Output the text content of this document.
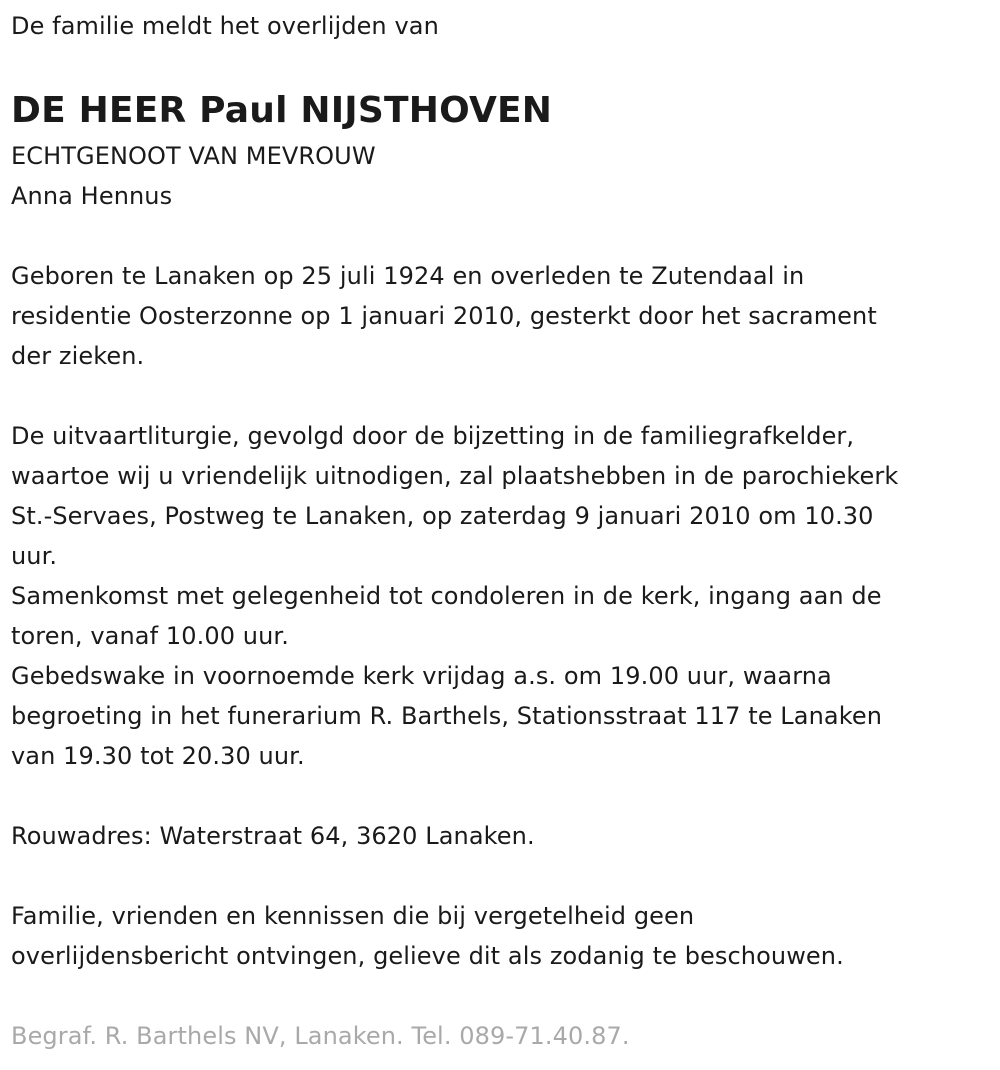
De familie meldt het overlijden van
DE HEER Paul NIJSTHOVEN
ECHTGENOOT VAN MEVROUW
Anna Hennus
Geboren te Lanaken op 25 juli 1924 en overleden te Zutendaal in
residentie Oosterzonne op 1 januari 2010, gesterkt door het sacrament
der zieken.
De uitvaartliturgie, gevolgd door de bijzetting in de familiegrafkelder,
waartoe wij u vriendelijk uitnodigen, zal plaatshebben in de parochiekerk
St.-Servaes, Postweg te Lanaken, op zaterdag 9 januari 2010 om 10.30
uur.
Samenkomst met gelegenheid tot condoleren in de kerk, ingang aan de
toren, vanaf 10.00 uur.
Gebedswake in voornoemde kerk vrijdag a.s. om 19.00 uur, waarna
begroeting in het funerarium R. Barthels, Stationsstraat 117 te Lanaken
van 19.30 tot 20.30 uur.
Rouwadres: Waterstraat 64, 3620 Lanaken.
Familie, vrienden en kennissen die bij vergetelheid geen
overlijdensbericht ontvingen, gelieve dit als zodanig te beschouwen.
Begraf. R. Barthels NV, Lanaken. Tel. 089-71.40.87.
